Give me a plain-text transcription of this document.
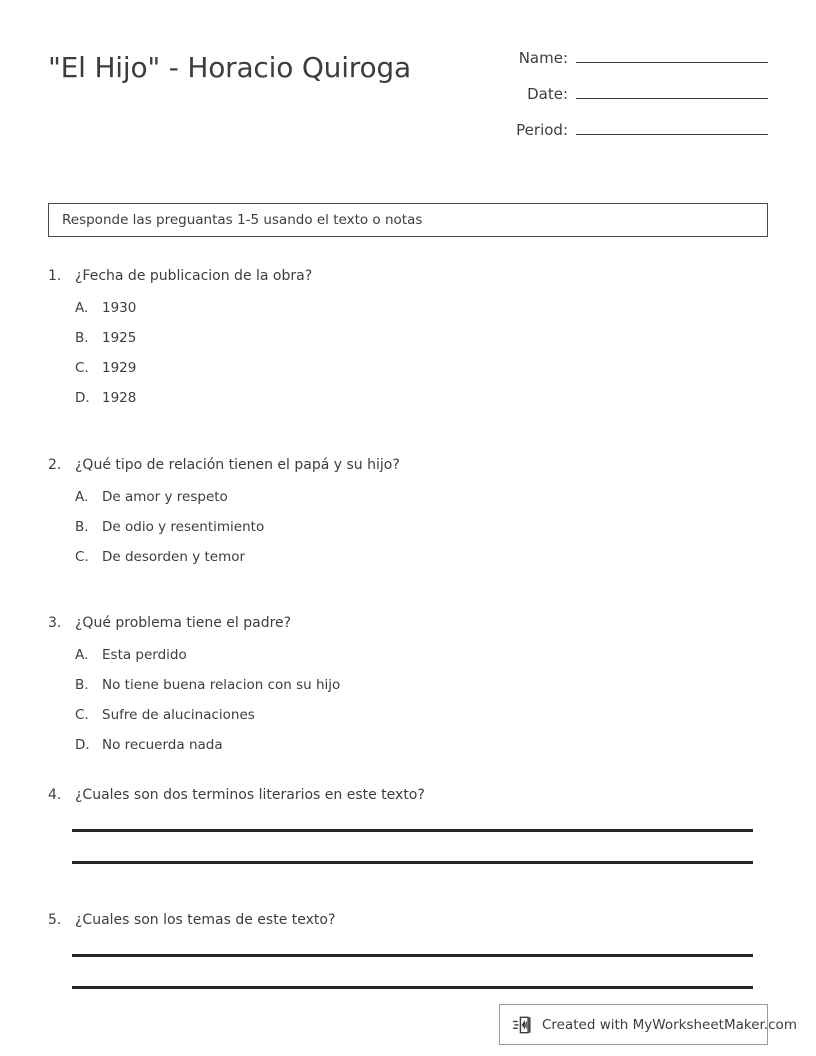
"El Hijo" - Horacio Quiroga	Name:
Date:
Period:
Responde las preguantas 1-5 usando el texto o notas
1. ¿Fecha de publicacion de la obra?
A.	1930
B. 1925
C. 1929
D. 1928
2. ¿Qué tipo de relación tienen el papá y su hijo?
A.	De amor y respeto
B. De odio y resentimiento
C. De desorden y temor
3. ¿Qué problema tiene el padre?
A.	Esta perdido
B. No tiene buena relacion con su hijo
C. Sufre de alucinaciones
D. No recuerda nada
4. ¿Cuales son dos terminos literarios en este texto?
5. ¿Cuales son los temas de este texto?
Created with MyWorksheetMaker.com
